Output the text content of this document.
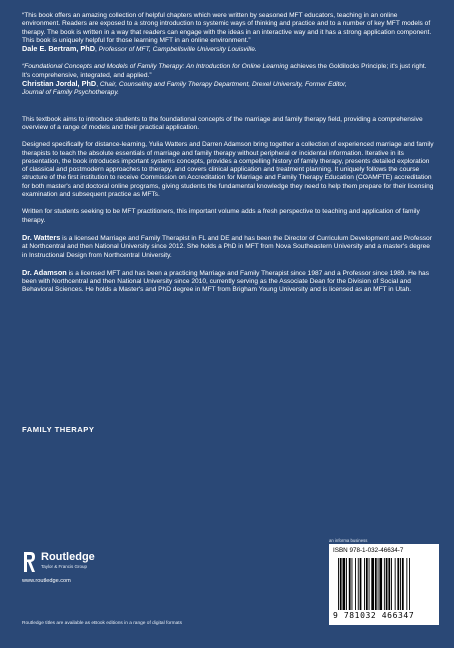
“This book offers an amazing collection of helpful chapters which were written by seasoned MFT educators, teaching in an online environment. Readers are exposed to a strong introduction to systemic ways of thinking and practice and to a number of key MFT models of therapy. The book is written in a way that readers can engage with the ideas in an interactive way and it has a strong application component. This book is uniquely helpful for those learning MFT in an online environment.”
Dale E. Bertram, PhD, Professor of MFT, Campbellsville University Louisville.

“Foundational Concepts and Models of Family Therapy: An Introduction for Online Learning achieves the Goldilocks Principle; it's just right. It's comprehensive, integrated, and applied.”
Christian Jordal, PhD, Chair, Counseling and Family Therapy Department, Drexel University, Former Editor,
Journal of Family Psychotherapy.

This textbook aims to introduce students to the foundational concepts of the marriage and family therapy field, providing a comprehensive overview of a range of models and their practical application.

Designed specifically for distance-learning, Yulia Watters and Darren Adamson bring together a collection of experienced marriage and family therapists to teach the absolute essentials of marriage and family therapy without peripheral or incidental information. Iterative in its presentation, the book introduces important systems concepts, provides a compelling history of family therapy, presents detailed exploration of classical and postmodern approaches to therapy, and covers clinical application and treatment planning. It uniquely follows the course structure of the first institution to receive Commission on Accreditation for Marriage and Family Therapy Education (COAMFTE) accreditation for both master's and doctoral online programs, giving students the fundamental knowledge they need to help them prepare for their licensing examination and subsequent practice as MFTs.

Written for students seeking to be MFT practitioners, this important volume adds a fresh perspective to teaching and application of family therapy.

Dr. Watters is a licensed Marriage and Family Therapist in FL and DE and has been the Director of Curriculum Development and Professor at Northcentral and then National University since 2012. She holds a PhD in MFT from Nova Southeastern University and a master's degree in Instructional Design from Northcentral University.

Dr. Adamson is a licensed MFT and has been a practicing Marriage and Family Therapist since 1987 and a Professor since 1989. He has been with Northcentral and then National University since 2010, currently serving as the Associate Dean for the Division of Social and Behavioral Sciences. He holds a Master's and PhD degree in MFT from Brigham Young University and is licensed as an MFT in Utah.

FAMILY THERAPY
an informa business
Routledge
Taylor & Francis Group
www.routledge.com
Routledge titles are available as eBook editions in a range of digital formats
ISBN 978-1-032-46634-7
9 781032 466347
